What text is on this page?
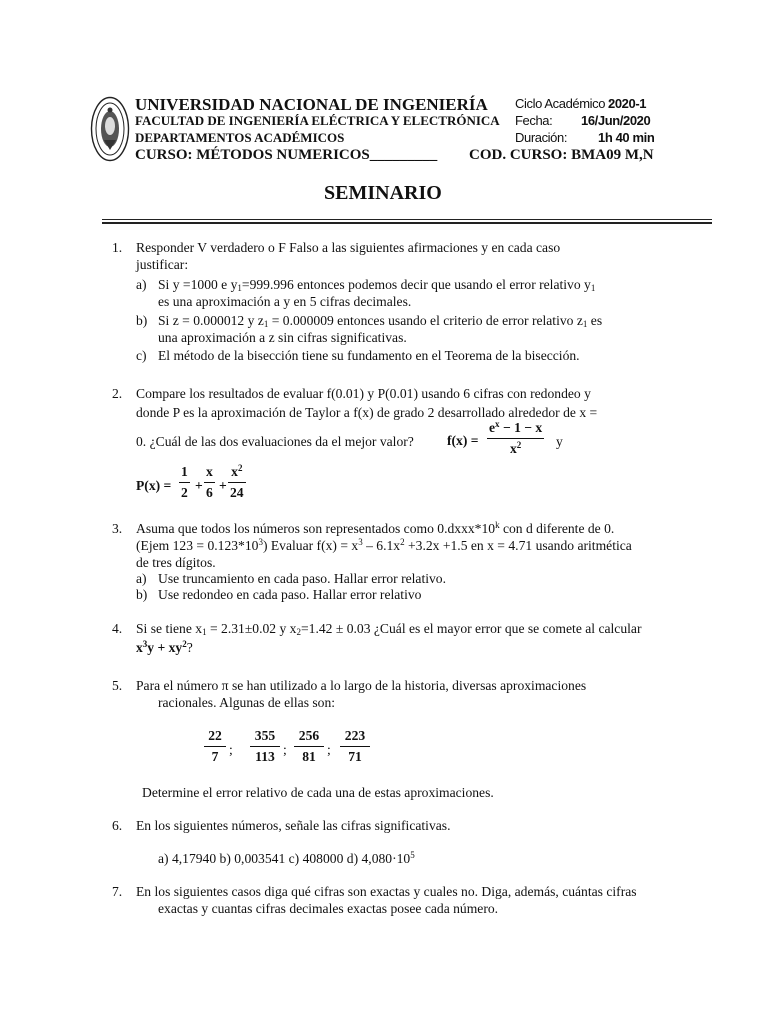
UNIVERSIDAD NACIONAL DE INGENIERÍA
FACULTAD DE INGENIERÍA ELÉCTRICA Y ELECTRÓNICA
DEPARTAMENTOS ACADÉMICOS
CURSO: MÉTODOS NUMERICOS_________ COD. CURSO: BMA09 M,N
Ciclo Académico :
2020-1
Fecha: 16/Jun/2020
Duración: 1h 40 min
SEMINARIO
1. Responder V verdadero o F Falso a las siguientes afirmaciones y en cada caso
justificar:
a) Si y =1000 e $y_1=999.996$ entonces podemos decir que usando el error relativo $y_1$
es una aproximación a y en 5 cifras decimales.
b) Si z = 0.000012 y $z_1 = 0.000009$ entonces usando el criterio de error relativo $z_1$ es
una aproximación a z sin cifras significativas.
c) El método de la bisección tiene su fundamento en el Teorema de la bisección.
2. Compare los resultados de evaluar f(0.01) y P(0.01) usando 6 cifras con redondeo y
donde P es la aproximación de Taylor a f(x) de grado 2 desarrollado alrededor de x =
0. ¿Cuál de las dos evaluaciones da el mejor valor? f(x) =
$e^x - 1 - x$
$x^2$	y
P(x) =
1
2 +
x
6 +
$x^2$
24
3. Asuma que todos los números son representados como 0.dxxx*10$^k$ con d diferente de 0.
(Ejem $123 = 0.123*10^3$) Evaluar $f(x) = x^3 - 6.1x^2 +3.2x +1.5$ en x = 4.71 usando aritmética
de tres dígitos.
a) Use truncamiento en cada paso. Hallar error relativo.
b) Use redondeo en cada paso. Hallar error relativo
4. Si se tiene $x_1 = 2.31\pm 0.02$ y $x_2=1.42 \pm 0.03$ ¿Cuál es el mayor error que se comete al calcular
$x^3y + xy^2$?
5. Para el número π se han utilizado a lo largo de la historia, diversas aproximaciones
racionales. Algunas de ellas son:
22
7 ;
355
113 ;
256
81 ;
223
71
Determine el error relativo de cada una de estas aproximaciones.
6. En los siguientes números, señale las cifras significativas.
a) 4,17940 b) 0,003541 c) 408000 d) $4,080\cdot 10^5$
7. En los siguientes casos diga qué cifras son exactas y cuales no. Diga, además, cuántas cifras
exactas y cuantas cifras decimales exactas posee cada número.
